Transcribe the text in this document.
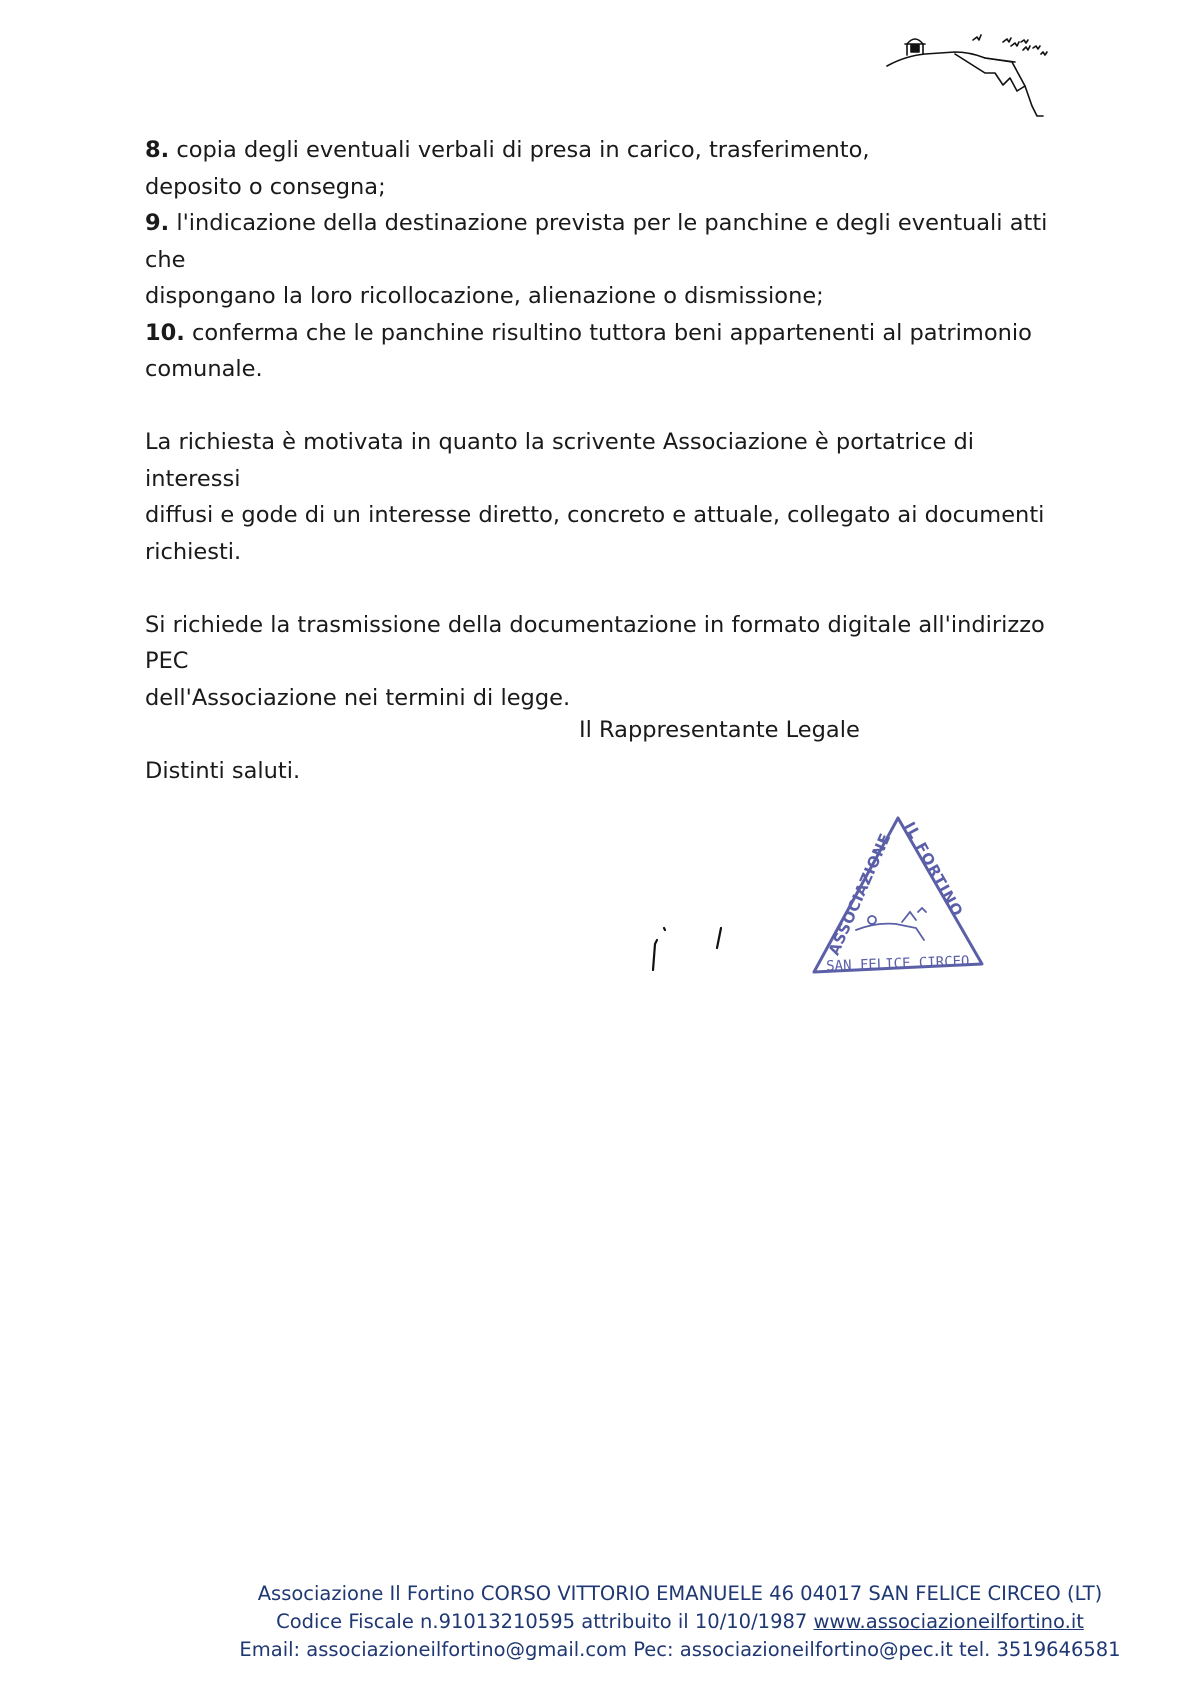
8. copia degli eventuali verbali di presa in carico, trasferimento,

deposito o consegna;

9. l'indicazione della destinazione prevista per le panchine e degli eventuali atti che

dispongano la loro ricollocazione, alienazione o dismissione;

10. conferma che le panchine risultino tuttora beni appartenenti al patrimonio

comunale.

La richiesta è motivata in quanto la scrivente Associazione è portatrice di interessi

diffusi e gode di un interesse diretto, concreto e attuale, collegato ai documenti

richiesti.

Si richiede la trasmissione della documentazione in formato digitale all'indirizzo PEC

dell'Associazione nei termini di legge.

Distinti saluti.

Il Rappresentante Legale
ASSOCIAZIONE
IL FORTINO
SAN FELICE CIRCEO
Associazione Il Fortino CORSO VITTORIO EMANUELE 46 04017 SAN FELICE CIRCEO (LT)
Codice Fiscale n.91013210595 attribuito il 10/10/1987 www.associazioneilfortino.it
Email: associazioneilfortino@gmail.com Pec: associazioneilfortino@pec.it tel. 3519646581
